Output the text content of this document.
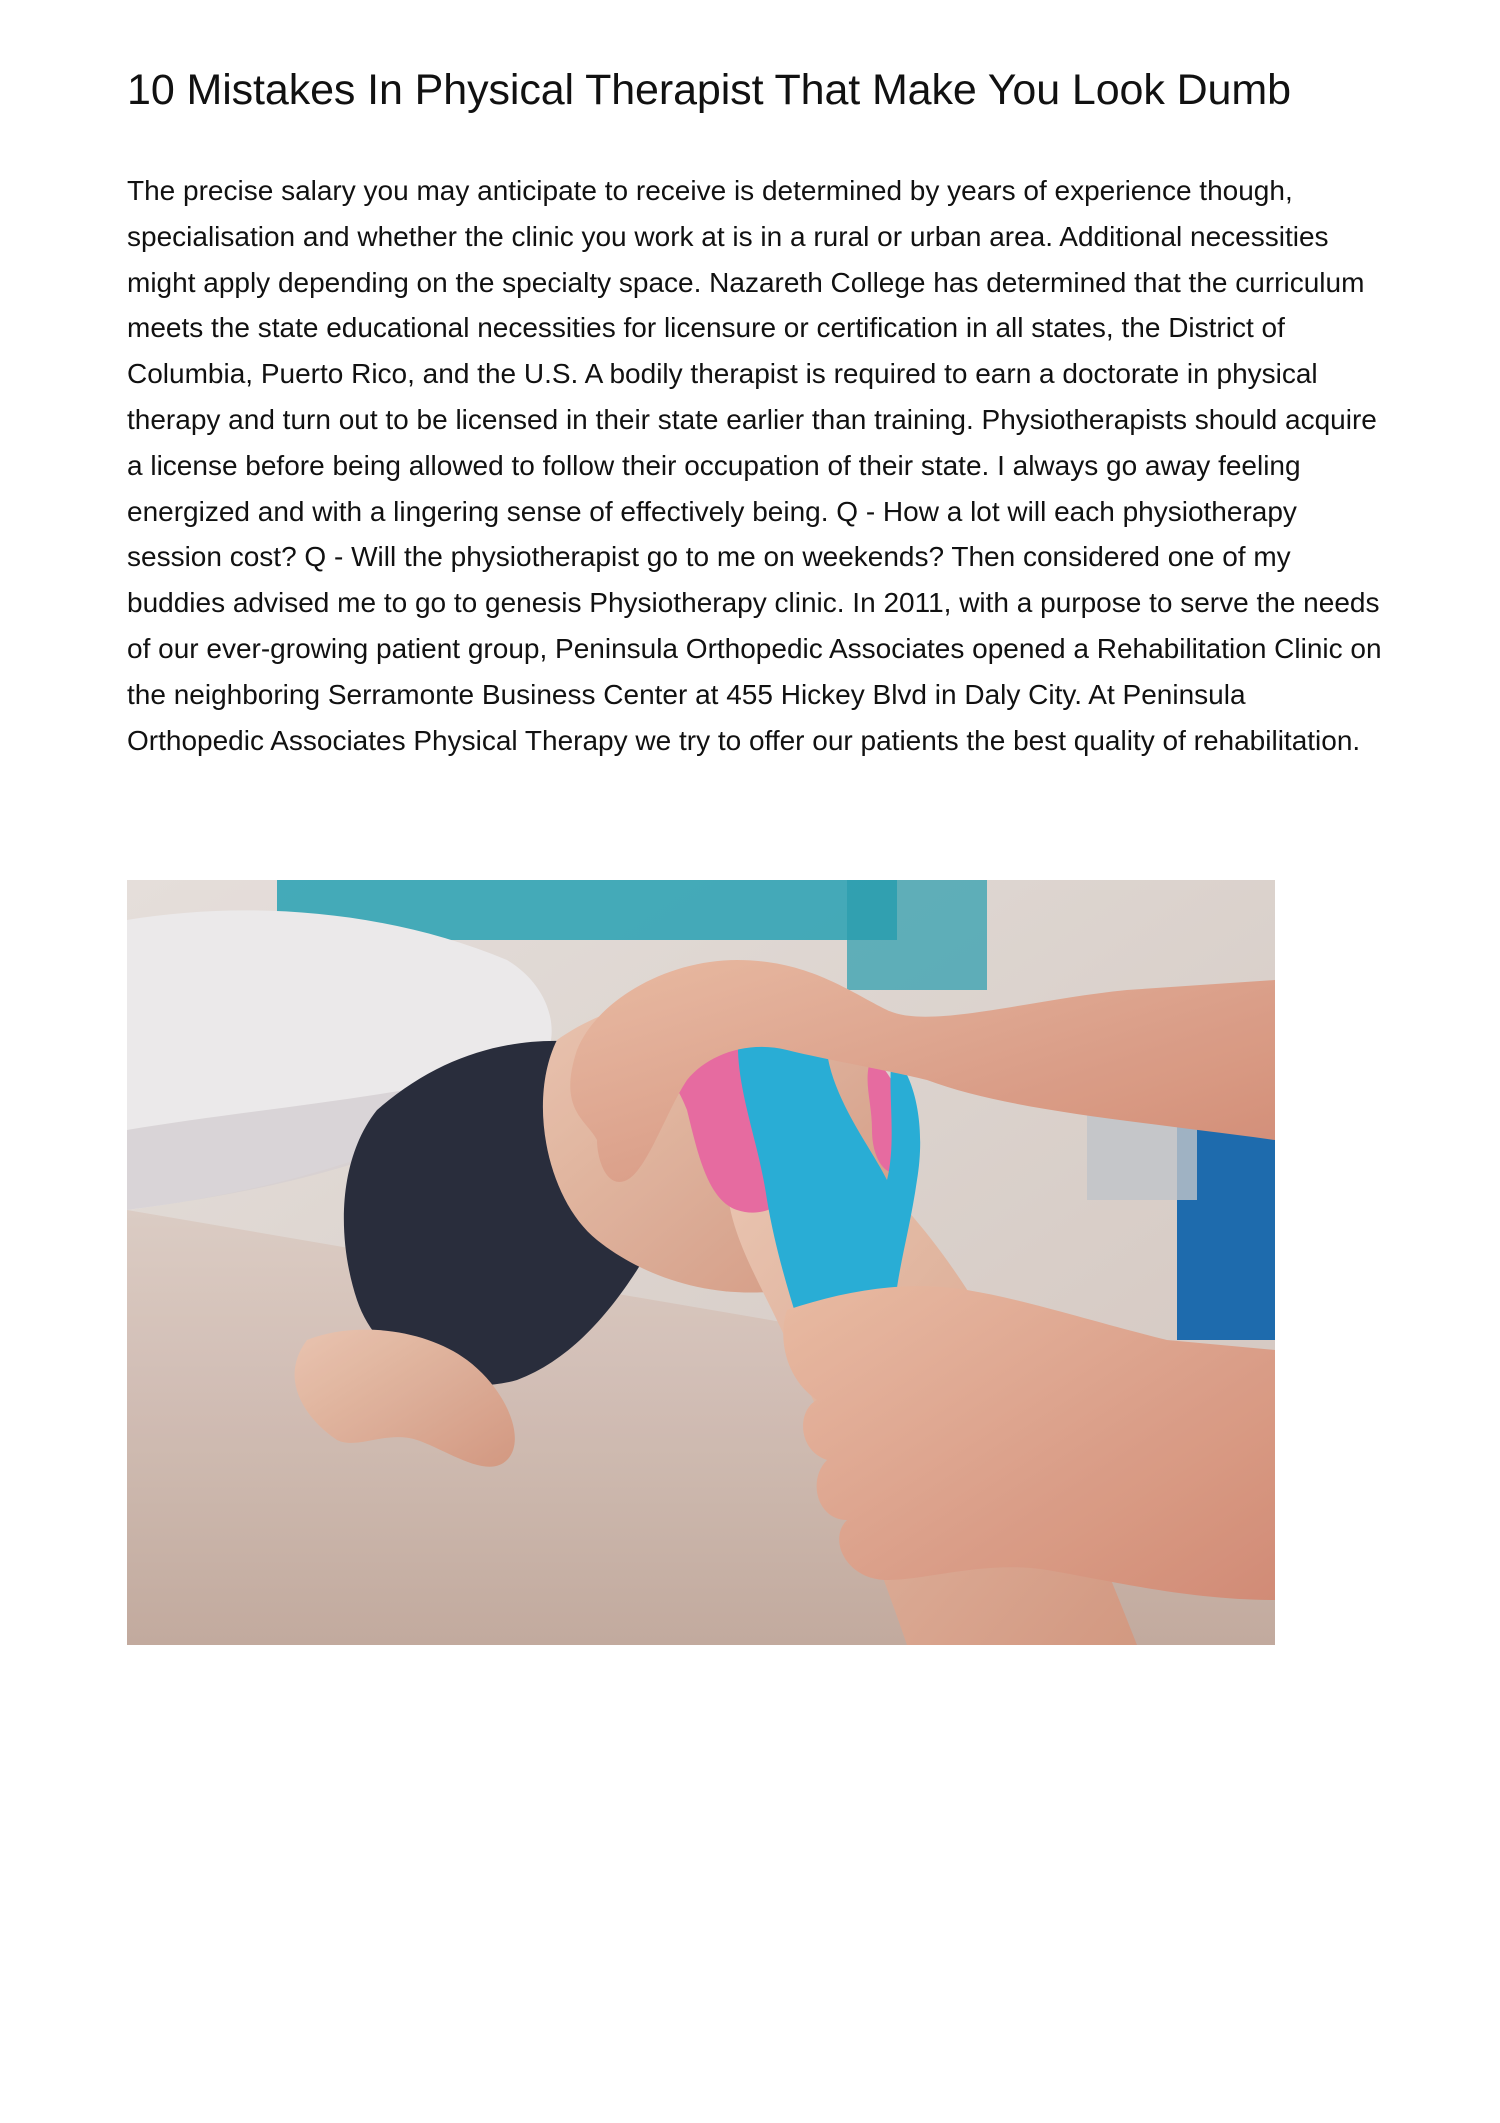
10 Mistakes In Physical Therapist That Make You Look Dumb

The precise salary you may anticipate to receive is determined by years of experience though, specialisation and whether the clinic you work at is in a rural or urban area. Additional necessities might apply depending on the specialty space. Nazareth College has determined that the curriculum meets the state educational necessities for licensure or certification in all states, the District of Columbia, Puerto Rico, and the U.S. A bodily therapist is required to earn a doctorate in physical therapy and turn out to be licensed in their state earlier than training. Physiotherapists should acquire a license before being allowed to follow their occupation of their state. I always go away feeling energized and with a lingering sense of effectively being. Q - How a lot will each physiotherapy session cost? Q - Will the physiotherapist go to me on weekends? Then considered one of my buddies advised me to go to genesis Physiotherapy clinic. In 2011, with a purpose to serve the needs of our ever-growing patient group, Peninsula Orthopedic Associates opened a Rehabilitation Clinic on the neighboring Serramonte Business Center at 455 Hickey Blvd in Daly City. At Peninsula Orthopedic Associates Physical Therapy we try to offer our patients the best quality of rehabilitation.
